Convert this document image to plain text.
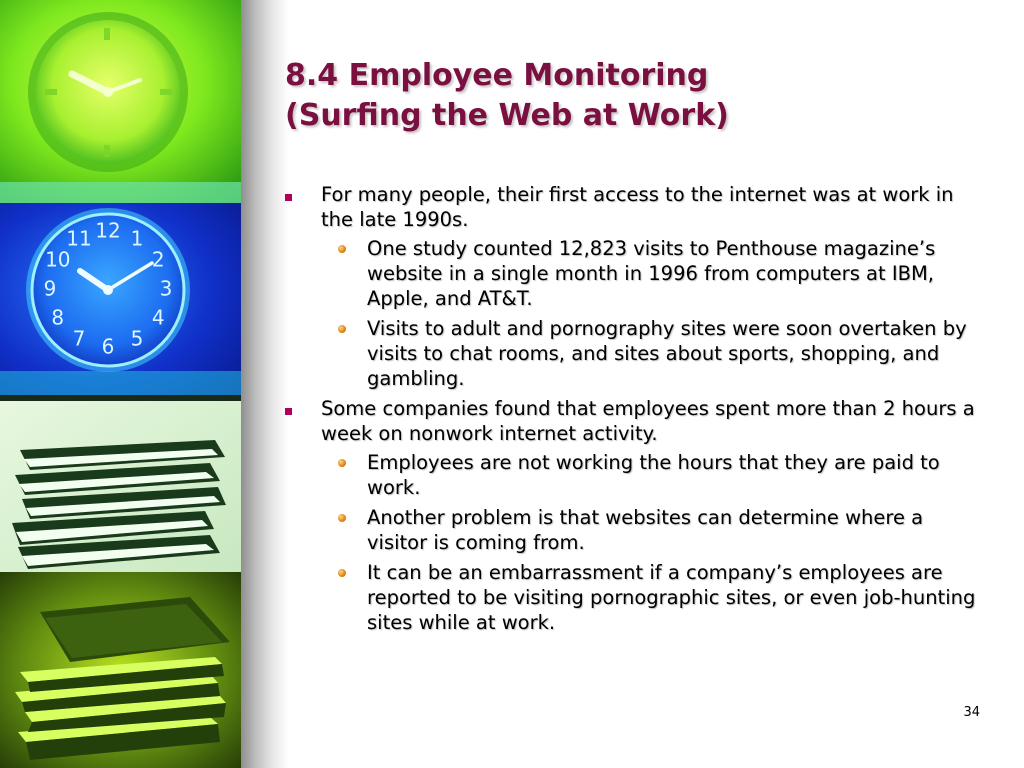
12 1
2
3
4
5
6
7
8
9
10
11
8.4 Employee Monitoring
(Surfing the Web at Work)
For many people, their first access to the internet was at work in the late 1990s.
One study counted 12,823 visits to Penthouse magazine’s website in a single month in 1996 from computers at IBM, Apple, and AT&T.
Visits to adult and pornography sites were soon overtaken by visits to chat rooms, and sites about sports, shopping, and gambling.
Some companies found that employees spent more than 2 hours a week on nonwork internet activity.
Employees are not working the hours that they are paid to work.
Another problem is that websites can determine where a visitor is coming from.
It can be an embarrassment if a company’s employees are reported to be visiting pornographic sites, or even job-hunting sites while at work.
34
